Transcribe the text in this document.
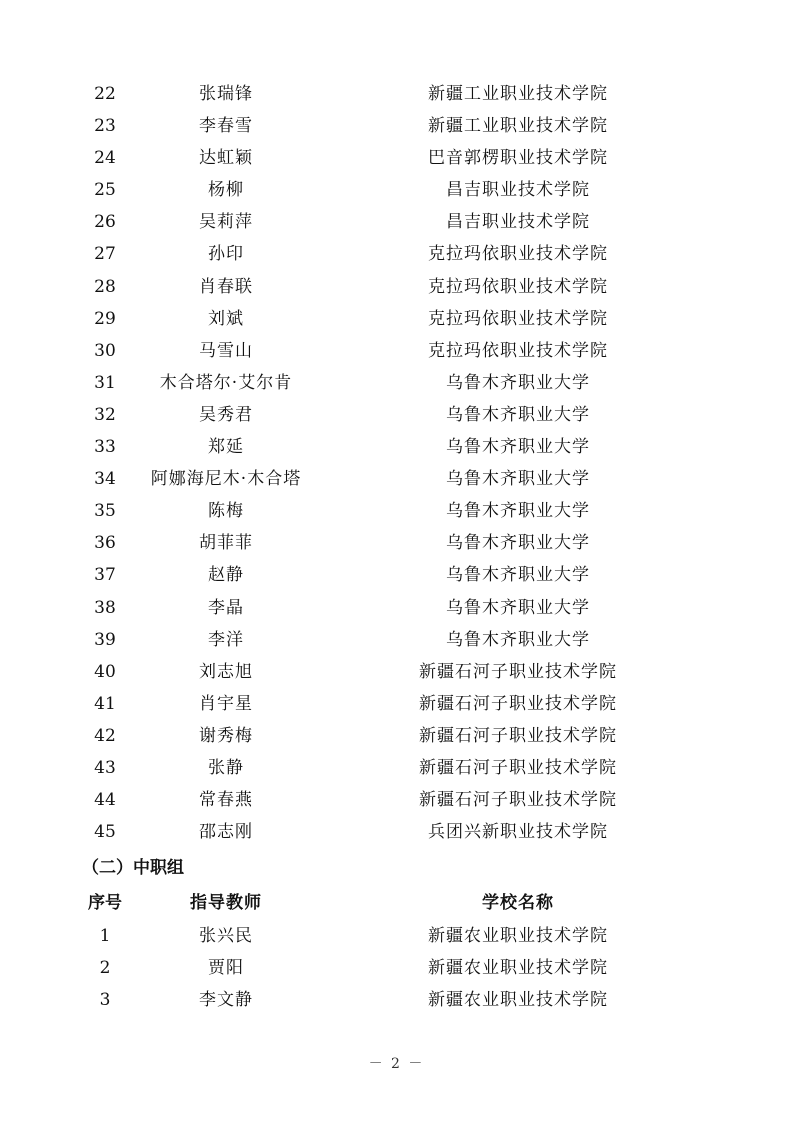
22	张瑞锋	新疆工业职业技术学院
23	李春雪	新疆工业职业技术学院
24	达虹颖	巴音郭楞职业技术学院
25	杨柳	昌吉职业技术学院
26	吴莉萍	昌吉职业技术学院
27	孙印	克拉玛依职业技术学院
28	肖春联	克拉玛依职业技术学院
29	刘斌	克拉玛依职业技术学院
30	马雪山	克拉玛依职业技术学院
31	木合塔尔·艾尔肯	乌鲁木齐职业大学
32	吴秀君	乌鲁木齐职业大学
33	郑延	乌鲁木齐职业大学
34	阿娜海尼木·木合塔	乌鲁木齐职业大学
35	陈梅	乌鲁木齐职业大学
36	胡菲菲	乌鲁木齐职业大学
37	赵静	乌鲁木齐职业大学
38	李晶	乌鲁木齐职业大学
39	李洋	乌鲁木齐职业大学
40	刘志旭	新疆石河子职业技术学院
41	肖宇星	新疆石河子职业技术学院
42	谢秀梅	新疆石河子职业技术学院
43	张静	新疆石河子职业技术学院
44	常春燕	新疆石河子职业技术学院
45	邵志刚	兵团兴新职业技术学院
（二）中职组
序号	指导教师	学校名称
1	张兴民	新疆农业职业技术学院
2	贾阳	新疆农业职业技术学院
3	李文静	新疆农业职业技术学院
－ 2 －
